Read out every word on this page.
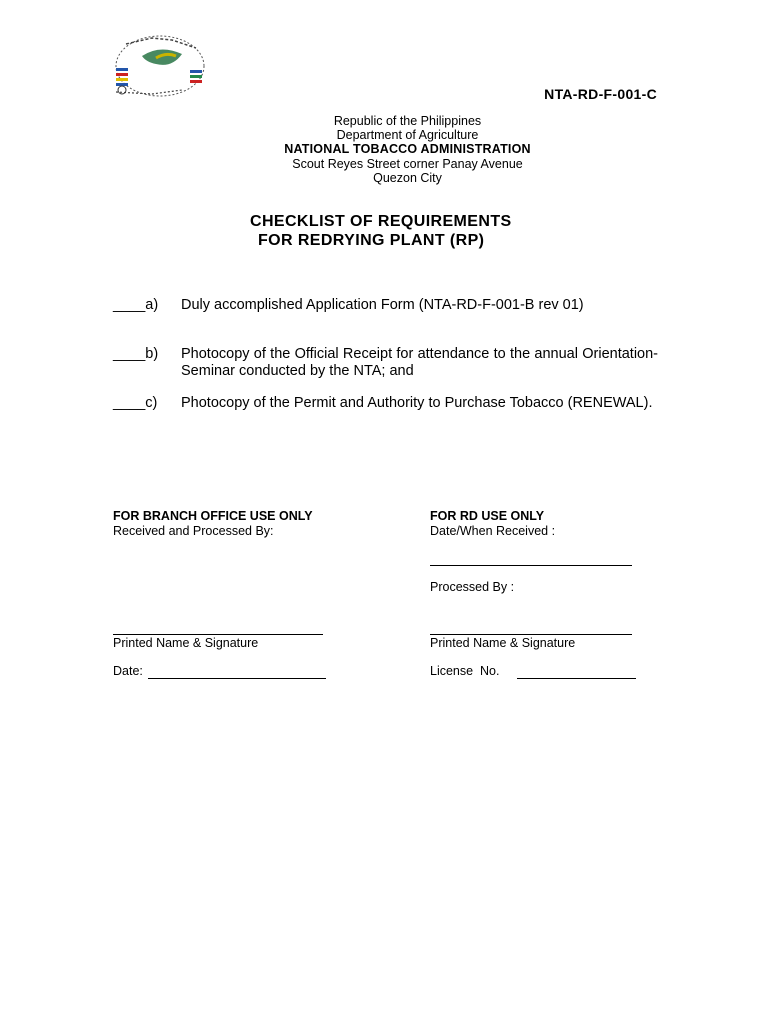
NTA-RD-F-001-C
Republic of the Philippines
Department of Agriculture
NATIONAL TOBACCO ADMINISTRATION
Scout Reyes Street corner Panay Avenue
Quezon City
CHECKLIST OF REQUIREMENTS
FOR REDRYING PLANT (RP)
____a)	Duly accomplished Application Form (NTA-RD-F-001-B rev 01)
____b)	Photocopy of the Official Receipt for attendance to the annual Orientation-Seminar conducted by the NTA; and
____c)	Photocopy of the Permit and Authority to Purchase Tobacco (RENEWAL).
FOR BRANCH OFFICE USE ONLY
Received and Processed By:
Printed Name & Signature
Date:
FOR RD USE ONLY
Date/When Received :
Processed By :
Printed Name & Signature
License  No.
